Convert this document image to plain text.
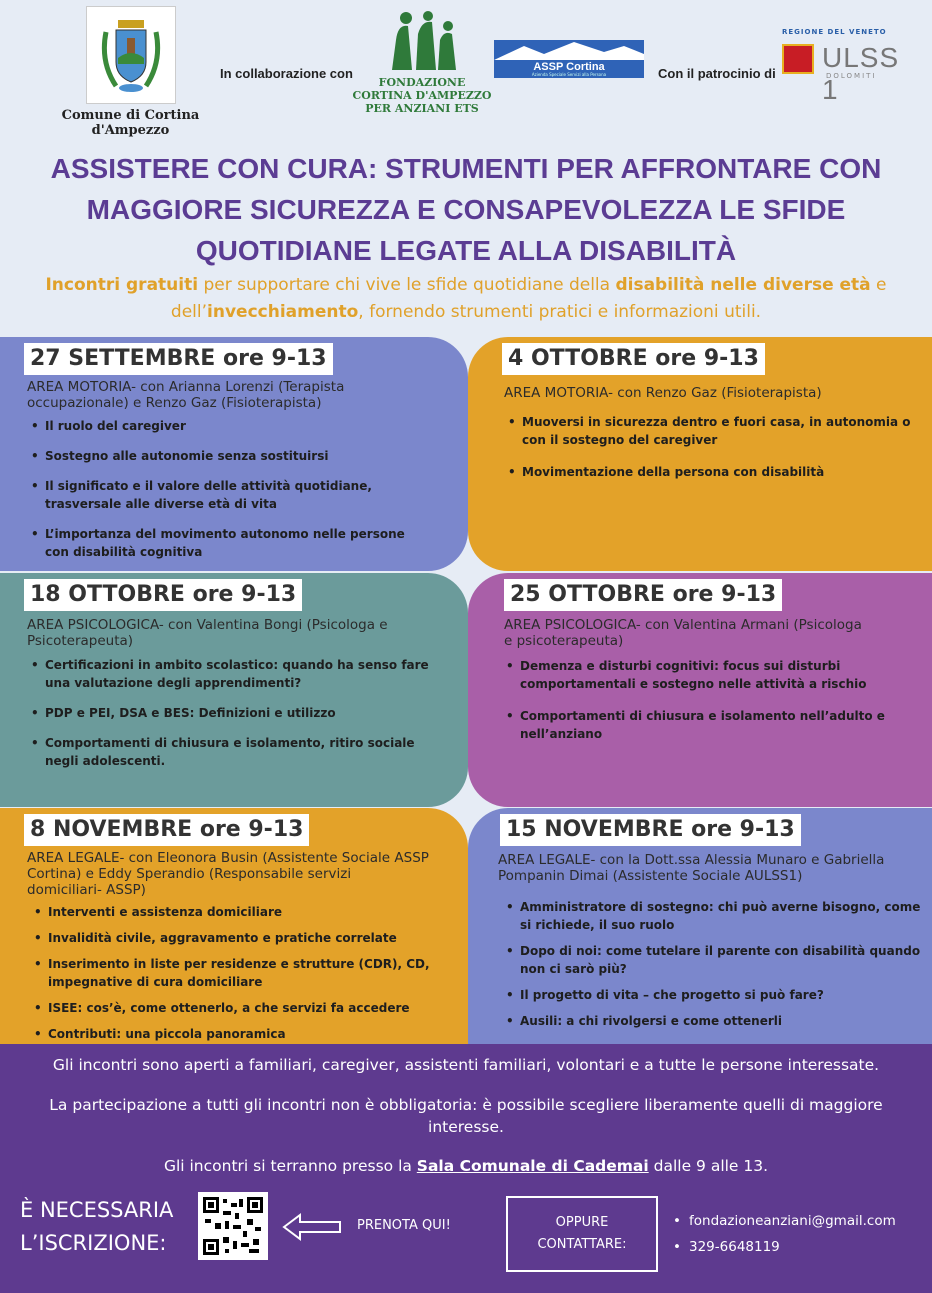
Comune di Cortina d'Ampezzo
In collaborazione con
FONDAZIONE
CORTINA D'AMPEZZO
PER ANZIANI ETS
ASSP Cortina
Azienda Speciale Servizi alla Persona	Con il patrocinio di
REGIONE DEL VENETO
ULSS 1
DOLOMITI
ASSISTERE CON CURA: STRUMENTI PER AFFRONTARE CON
MAGGIORE SICUREZZA E CONSAPEVOLEZZA LE SFIDE
QUOTIDIANE LEGATE ALLA DISABILITÀ
Incontri gratuiti per supportare chi vive le sfide quotidiane della disabilità nelle diverse età e dell’invecchiamento, fornendo strumenti pratici e informazioni utili.
27 SETTEMBRE ore 9-13
AREA MOTORIA- con Arianna Lorenzi (Terapista
occupazionale) e Renzo Gaz (Fisioterapista)
• Il ruolo del caregiver
• Sostegno alle autonomie senza sostituirsi
• Il significato e il valore delle attività quotidiane,
trasversale alle diverse età di vita
• L’importanza del movimento autonomo nelle persone
con disabilità cognitiva
4 OTTOBRE ore 9-13
AREA MOTORIA- con Renzo Gaz (Fisioterapista)
• Muoversi in sicurezza dentro e fuori casa, in autonomia o
con il sostegno del caregiver
• Movimentazione della persona con disabilità
18 OTTOBRE ore 9-13
AREA PSICOLOGICA- con Valentina Bongi (Psicologa e
Psicoterapeuta)
• Certificazioni in ambito scolastico: quando ha senso fare
una valutazione degli apprendimenti?
• PDP e PEI, DSA e BES: Definizioni e utilizzo
• Comportamenti di chiusura e isolamento, ritiro sociale
negli adolescenti.
25 OTTOBRE ore 9-13
AREA PSICOLOGICA- con Valentina Armani (Psicologa
e psicoterapeuta)
• Demenza e disturbi cognitivi: focus sui disturbi
comportamentali e sostegno nelle attività a rischio
• Comportamenti di chiusura e isolamento nell’adulto e
nell’anziano
8 NOVEMBRE ore 9-13
AREA LEGALE- con Eleonora Busin (Assistente Sociale ASSP
Cortina) e Eddy Sperandio (Responsabile servizi
domiciliari- ASSP)
• Interventi e assistenza domiciliare
• Invalidità civile, aggravamento e pratiche correlate
• Inserimento in liste per residenze e strutture (CDR), CD,
impegnative di cura domiciliare
• ISEE: cos’è, come ottenerlo, a che servizi fa accedere
• Contributi: una piccola panoramica
15 NOVEMBRE ore 9-13
AREA LEGALE- con la Dott.ssa Alessia Munaro e Gabriella
Pompanin Dimai (Assistente Sociale AULSS1)
• Amministratore di sostegno: chi può averne bisogno, come
si richiede, il suo ruolo
• Dopo di noi: come tutelare il parente con disabilità quando
non ci sarò più?
• Il progetto di vita – che progetto si può fare?
• Ausili: a chi rivolgersi e come ottenerli
Gli incontri sono aperti a familiari, caregiver, assistenti familiari, volontari e a tutte le persone interessate.
La partecipazione a tutti gli incontri non è obbligatoria: è possibile scegliere liberamente quelli di maggiore
interesse.
Gli incontri si terranno presso la Sala Comunale di Cademai dalle 9 alle 13.
È NECESSARIA
L’ISCRIZIONE:
PRENOTA QUI!	OPPURE
CONTATTARE:
• fondazioneanziani@gmail.com
• 329-6648119
